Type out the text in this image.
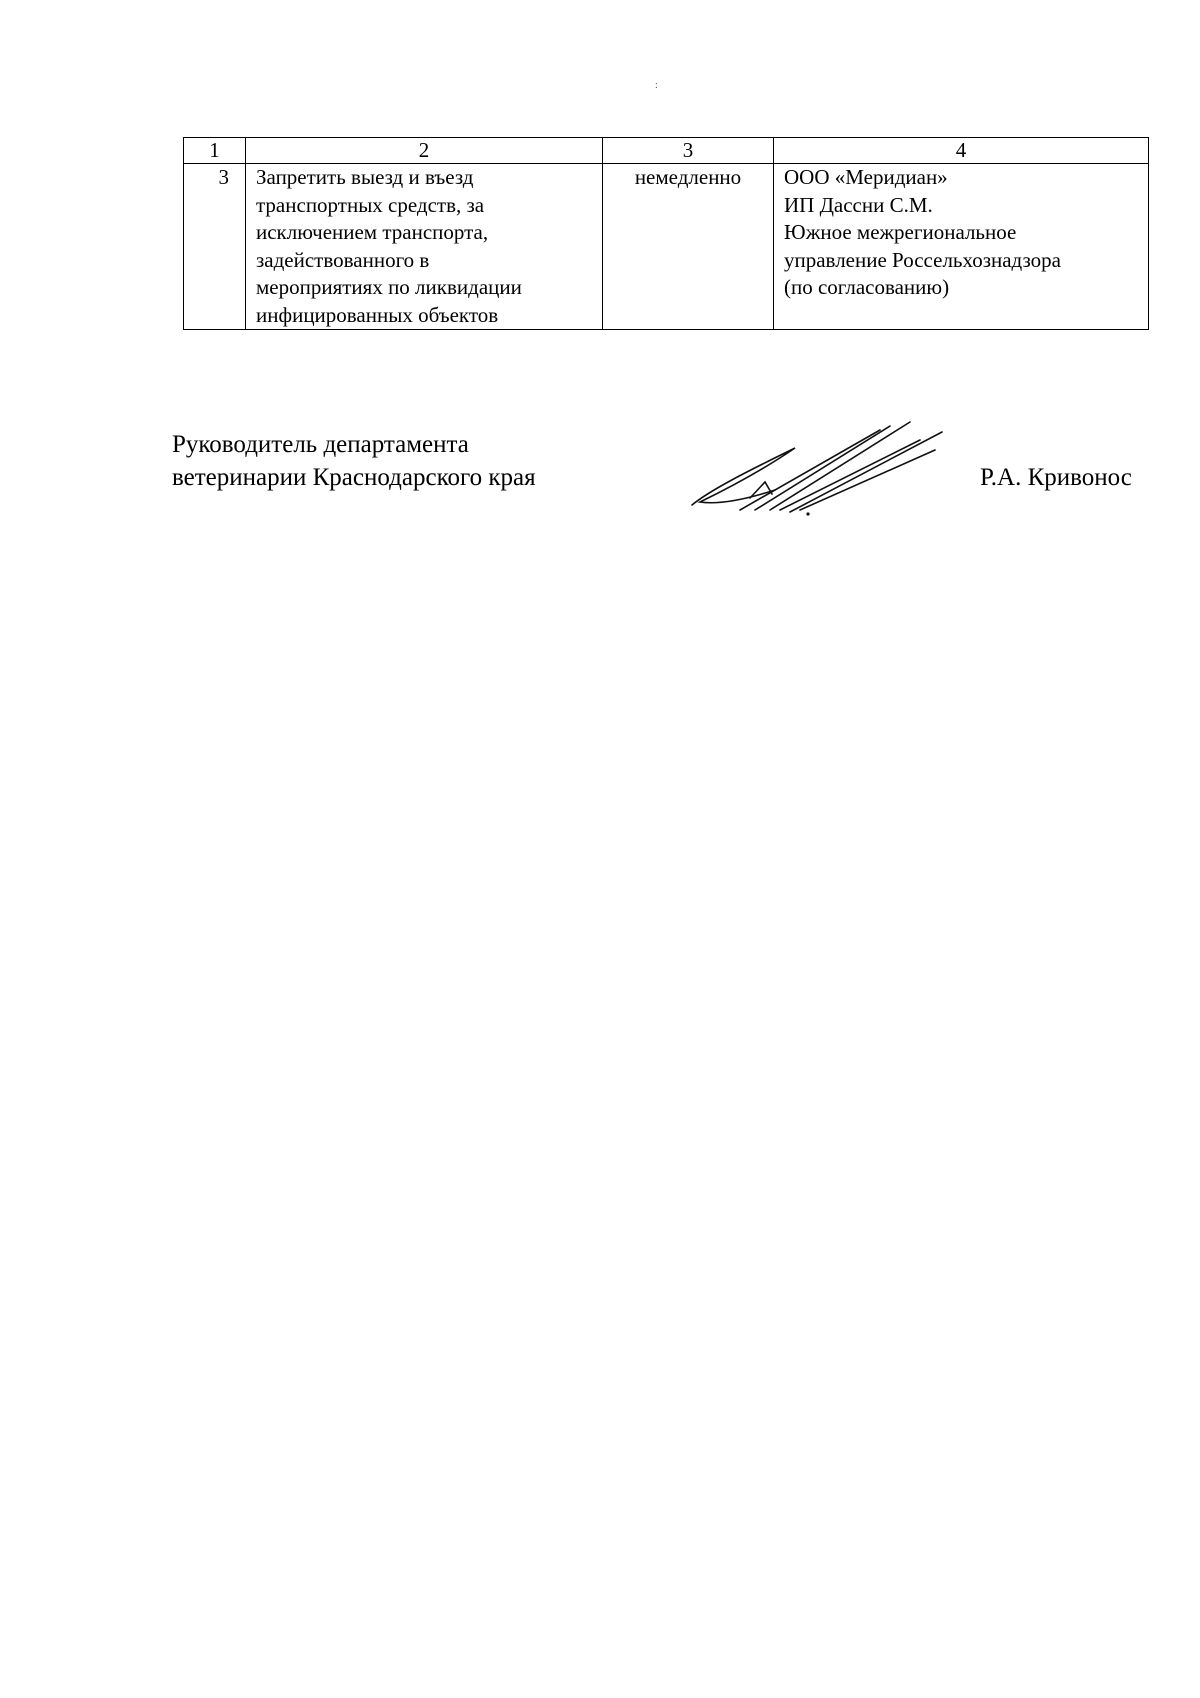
:
1	2	3	4
3	Запретить выезд и въезд
транспортных средств, за
исключением транспорта,
задействованного в
мероприятиях по ликвидации
инфицированных объектов
	немедленно	ООО «Меридиан»
ИП Дассни С.М.
Южное межрегиональное
управление Россельхознадзора
(по согласованию)
Руководитель департамента
ветеринарии Краснодарского края	Р.А. Кривонос
